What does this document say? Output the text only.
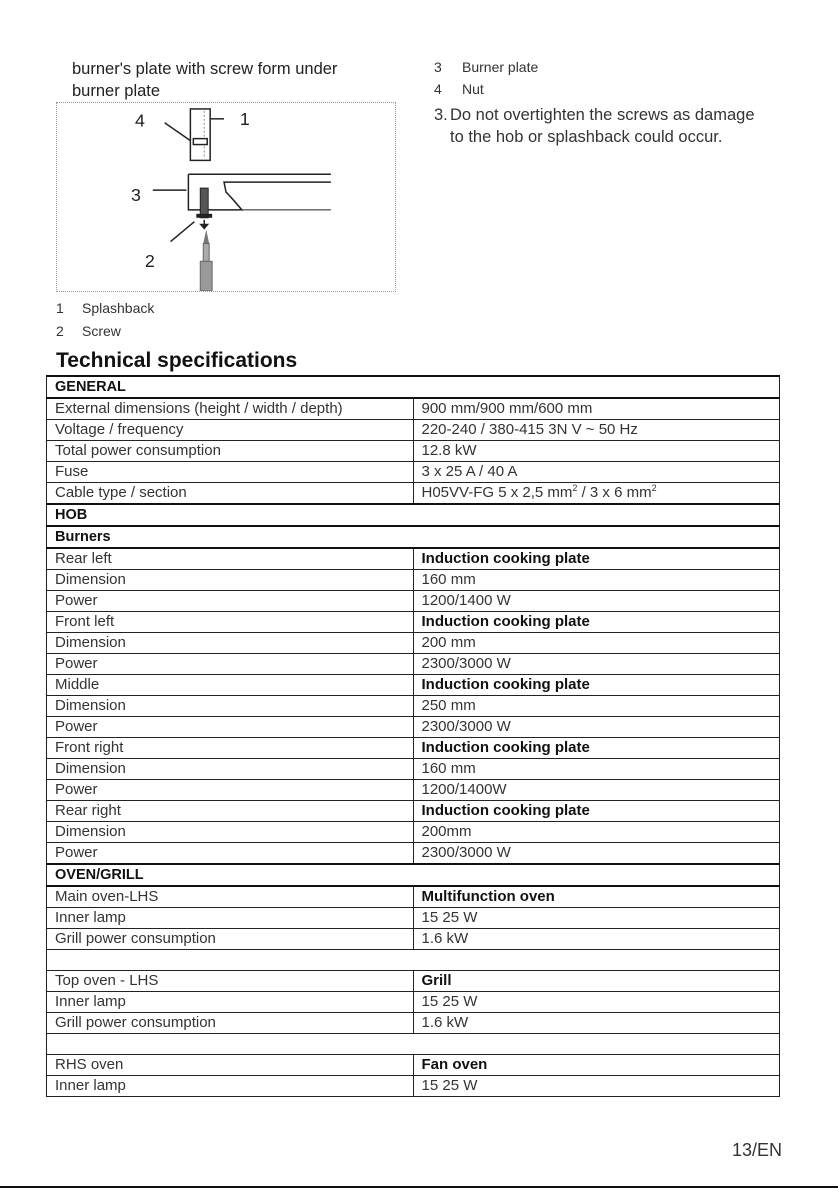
burner's plate with screw form under
burner plate
4	1
3
2
1 Splashback
2 Screw
3 Burner plate
4 Nut
3. Do not overtighten the screws as damage
to the hob or splashback could occur.
Technical specifications
GENERAL	
External dimensions (height / width / depth)	900 mm/900 mm/600 mm
Voltage / frequency	220-240 / 380-415 3N V ~ 50 Hz
Total power consumption	12.8 kW
Fuse	3 x 25 A / 40 A
Cable type / section	H05VV-FG 5 x 2,5 $mm^2 / 3$ x 6 $mm^2$
HOB	
Burners	
Rear left	Induction cooking plate
Dimension	160 mm
Power	1200/1400 W
Front left	Induction cooking plate
Dimension	200 mm
Power	2300/3000 W
Middle	Induction cooking plate
Dimension	250 mm
Power	2300/3000 W
Front right	Induction cooking plate
Dimension	160 mm
Power	1200/1400W
Rear right	Induction cooking plate
Dimension	200mm
Power	2300/3000 W
OVEN/GRILL	
Main oven-LHS	Multifunction oven
Inner lamp	15 25 W
Grill power consumption	1.6 kW

Top oven - LHS	Grill
Inner lamp	15 25 W
Grill power consumption	1.6 kW

RHS oven	Fan oven
Inner lamp	15 25 W
13/EN
